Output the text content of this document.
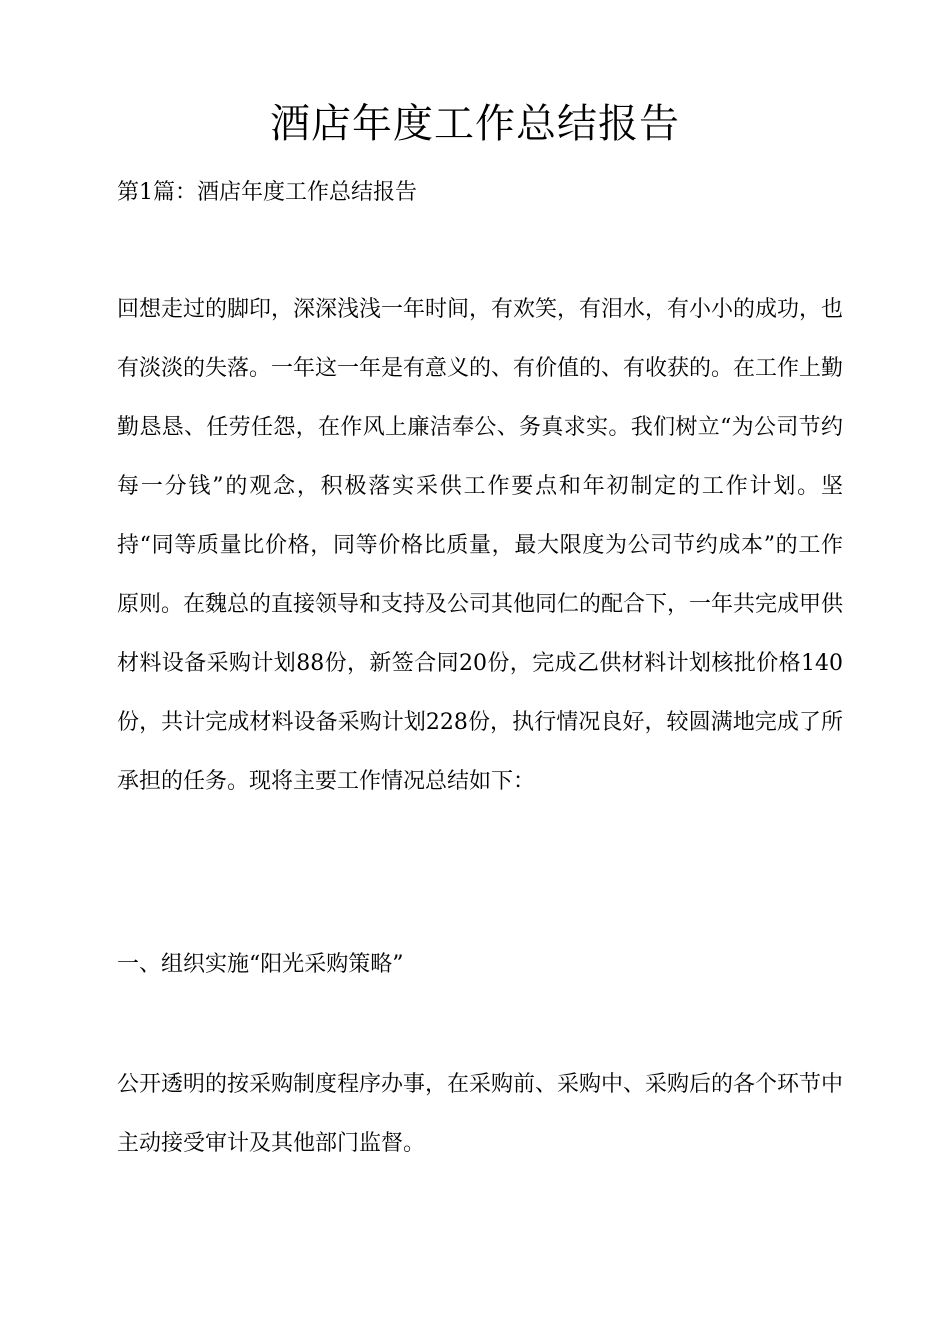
酒店年度工作总结报告

第1篇：酒店年度工作总结报告

回想走过的脚印，深深浅浅一年时间，有欢笑，有泪水，有小小的成功，也有淡淡的失落。一年这一年是有意义的、有价值的、有收获的。在工作上勤勤恳恳、任劳任怨，在作风上廉洁奉公、务真求实。我们树立“为公司节约每一分钱”的观念，积极落实采供工作要点和年初制定的工作计划。坚持“同等质量比价格，同等价格比质量，最大限度为公司节约成本”的工作原则。在魏总的直接领导和支持及公司其他同仁的配合下，一年共完成甲供材料设备采购计划88份，新签合同20份，完成乙供材料计划核批价格140份，共计完成材料设备采购计划228份，执行情况良好，较圆满地完成了所承担的任务。现将主要工作情况总结如下：

一、组织实施“阳光采购策略”

公开透明的按采购制度程序办事，在采购前、采购中、采购后的各个环节中主动接受审计及其他部门监督。
